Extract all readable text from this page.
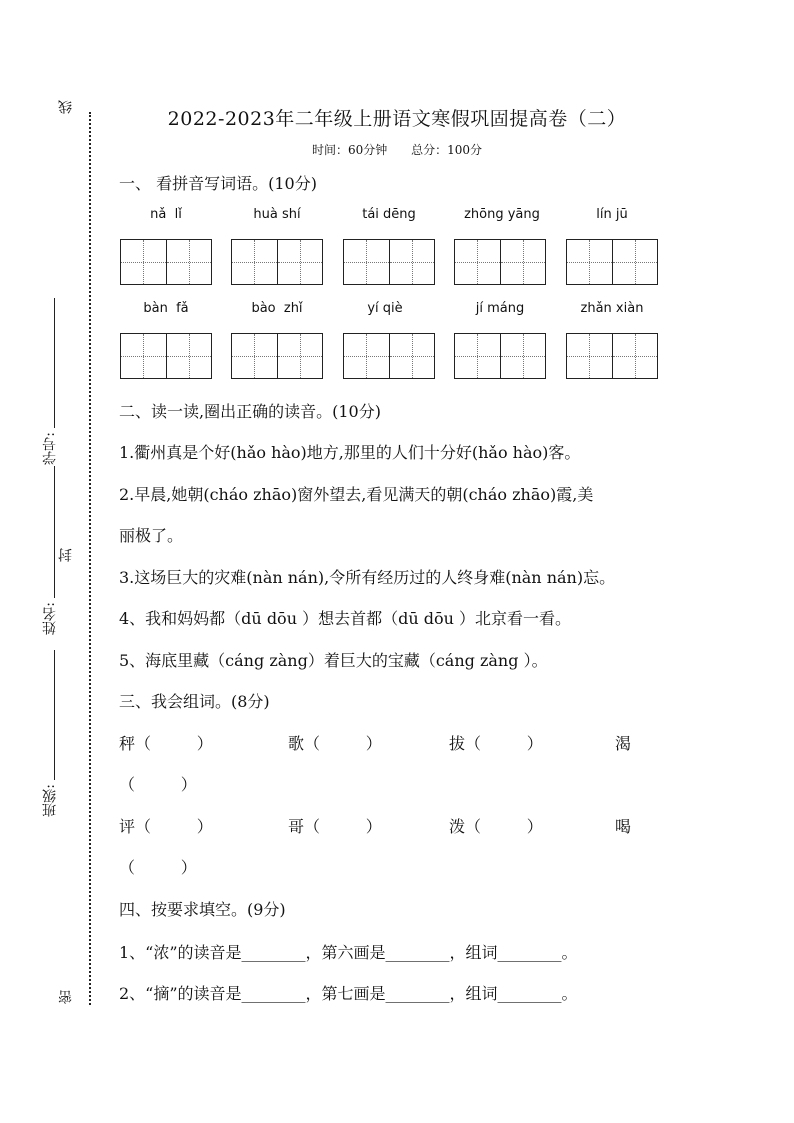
线
封
密
学号:
姓名:
班级:
2022-2023年二年级上册语文寒假巩固提高卷（二）
时间：60分钟 总分：100分
一、 看拼音写词语。(10分)
nǎ  lǐ	huà shí	tái dēng	zhōng yāng	lín jū
bàn  fǎ	bào  zhǐ	yí qiè	jí máng	zhǎn xiàn
二、读一读,圈出正确的读音。(10分)
1.衢州真是个好(hǎo hào)地方,那里的人们十分好(hǎo hào)客。
2.早晨,她朝(cháo zhāo)窗外望去,看见满天的朝(cháo zhāo)霞,美
丽极了。
3.这场巨大的灾难(nàn nán),令所有经历过的人终身难(nàn nán)忘。
4、我和妈妈都（dū dōu ）想去首都（dū dōu ）北京看一看。
5、海底里藏（cáng zàng）着巨大的宝藏（cáng zàng ）。
三、我会组词。(8分)
秤（         ）	歌（         ）	拔（         ）	渴
（         ）
评（         ）	哥（         ）	泼（         ）	喝
（         ）
四、按要求填空。(9分)
1、“浓”的读音是________，第六画是________，组词________。
2、“摘”的读音是________，第七画是________，组词________。
